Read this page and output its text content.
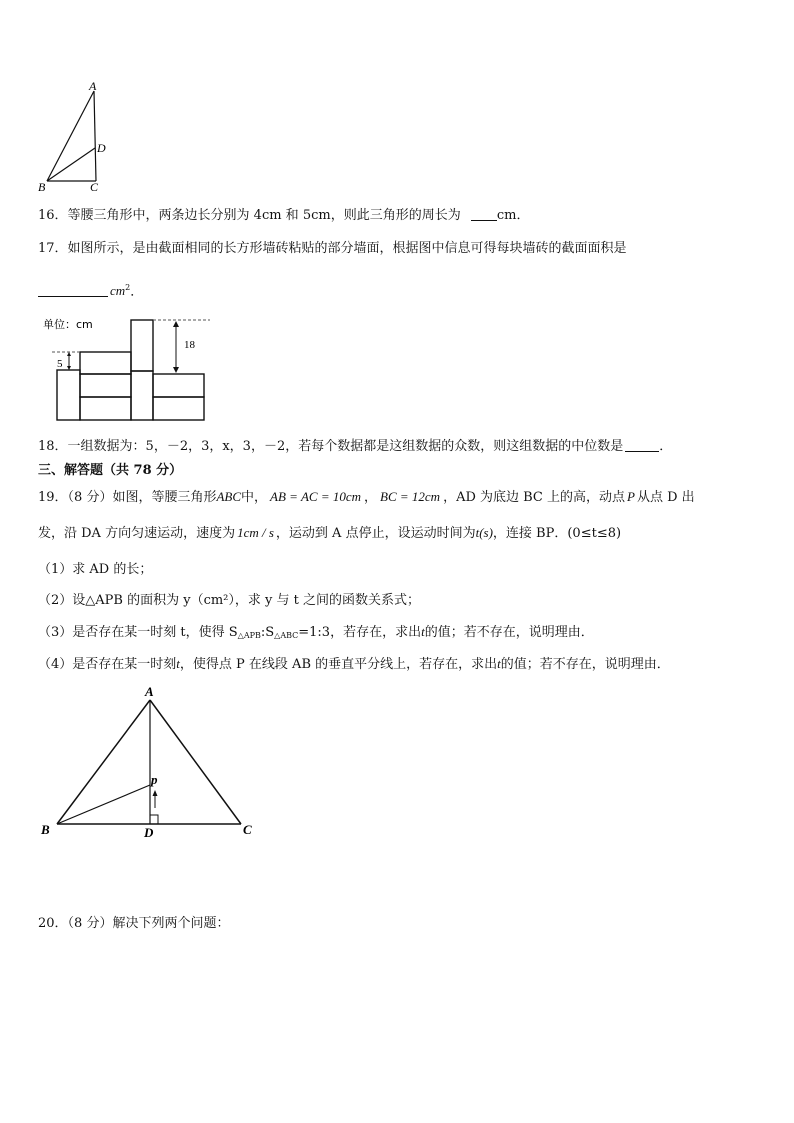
A
B	C
D
16．等腰三角形中，两条边长分别为 4cm 和 5cm，则此三角形的周长为	cm．
17．如图所示，是由截面相同的长方形墙砖粘贴的部分墙面，根据图中信息可得每块墙砖的截面面积是
$cm^2$．
单位：cm
18
5
18．一组数据为：5，－2，3，x，3，－2，若每个数据都是这组数据的众数，则这组数据的中位数是	．
三、解答题（共 78 分）
19．（8 分）如图，等腰三角形ABC中， AB = AC = 10cm ， BC = 12cm ，AD 为底边 BC 上的高，动点 P 从点 D 出
发，沿 DA 方向匀速运动，速度为 1cm / s ，运动到 A 点停止，设运动时间为t(s)，连接 BP．(0≤t≤8)
（1）求 AD 的长；
（2）设△APB 的面积为 y（cm²），求 y 与 t 之间的函数关系式；
（3）是否存在某一时刻 t，使得 $S_{\triangle APB}:S_{\triangle ABC}=1:3$，若存在，求出t的值；若不存在，说明理由．
（4）是否存在某一时刻t，使得点 P 在线段 AB 的垂直平分线上，若存在，求出t的值；若不存在，说明理由．
A
B	C
D
p
20．（8 分）解决下列两个问题：
